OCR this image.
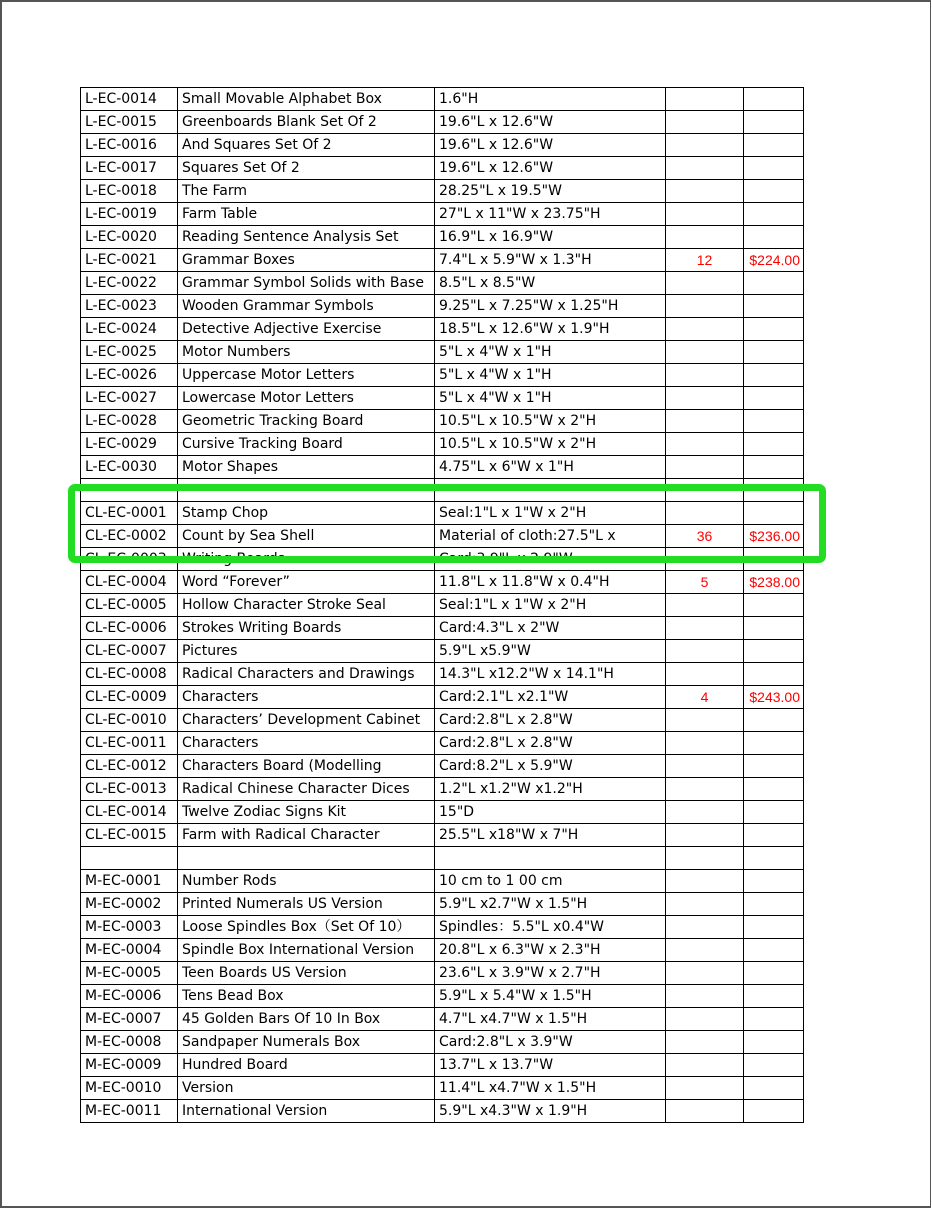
L-EC-0014	Small Movable Alphabet Box	1.6"H		
L-EC-0015	Greenboards Blank Set Of 2	19.6"L x 12.6"W		
L-EC-0016	And Squares Set Of 2	19.6"L x 12.6"W		
L-EC-0017	Squares Set Of 2	19.6"L x 12.6"W		
L-EC-0018	The Farm	28.25"L x 19.5"W		
L-EC-0019	Farm Table	27"L x 11"W x 23.75"H		
L-EC-0020	Reading Sentence Analysis Set	16.9"L x 16.9"W		
L-EC-0021	Grammar Boxes	7.4"L x 5.9"W x 1.3"H	12	$224.00
L-EC-0022	Grammar Symbol Solids with Base	8.5"L x 8.5"W		
L-EC-0023	Wooden Grammar Symbols	9.25"L x 7.25"W x 1.25"H		
L-EC-0024	Detective Adjective Exercise	18.5"L x 12.6"W x 1.9"H		
L-EC-0025	Motor Numbers	5"L x 4"W x 1"H		
L-EC-0026	Uppercase Motor Letters	5"L x 4"W x 1"H		
L-EC-0027	Lowercase Motor Letters	5"L x 4"W x 1"H		
L-EC-0028	Geometric Tracking Board	10.5"L x 10.5"W x 2"H		
L-EC-0029	Cursive Tracking Board	10.5"L x 10.5"W x 2"H		
L-EC-0030	Motor Shapes	4.75"L x 6"W x 1"H		

CL-EC-0001	Stamp Chop	Seal:1"L x 1"W x 2"H		
CL-EC-0002	Count by Sea Shell	Material of cloth:27.5"L x	36	$236.00
CL-EC-0003	Writing Boards	Card:3.9"L x 2.9"W		
CL-EC-0004	Word “Forever”	11.8"L x 11.8"W x 0.4"H	5	$238.00
CL-EC-0005	Hollow Character Stroke Seal	Seal:1"L x 1"W x 2"H		
CL-EC-0006	Strokes Writing Boards	Card:4.3"L x 2"W		
CL-EC-0007	Pictures	5.9"L x5.9"W		
CL-EC-0008	Radical Characters and Drawings	14.3"L x12.2"W x 14.1"H		
CL-EC-0009	Characters	Card:2.1"L x2.1"W	4	$243.00
CL-EC-0010	Characters’ Development Cabinet	Card:2.8"L x 2.8"W		
CL-EC-0011	Characters	Card:2.8"L x 2.8"W		
CL-EC-0012	Characters Board (Modelling	Card:8.2"L x 5.9"W		
CL-EC-0013	Radical Chinese Character Dices	1.2"L x1.2"W x1.2"H		
CL-EC-0014	Twelve Zodiac Signs Kit	15"D		
CL-EC-0015	Farm with Radical Character	25.5"L x18"W x 7"H		

M-EC-0001	Number Rods	10 cm to 1 00 cm		
M-EC-0002	Printed Numerals US Version	5.9"L x2.7"W x 1.5"H		
M-EC-0003	Loose Spindles Box（Set Of 10）	Spindles：5.5"L x0.4"W		
M-EC-0004	Spindle Box International Version	20.8"L x 6.3"W x 2.3"H		
M-EC-0005	Teen Boards US Version	23.6"L x 3.9"W x 2.7"H		
M-EC-0006	Tens Bead Box	5.9"L x 5.4"W x 1.5"H		
M-EC-0007	45 Golden Bars Of 10 In Box	4.7"L x4.7"W x 1.5"H		
M-EC-0008	Sandpaper Numerals Box	Card:2.8"L x 3.9"W		
M-EC-0009	Hundred Board	13.7"L x 13.7"W		
M-EC-0010	Version	11.4"L x4.7"W x 1.5"H		
M-EC-0011	International Version	5.9"L x4.3"W x 1.9"H		
